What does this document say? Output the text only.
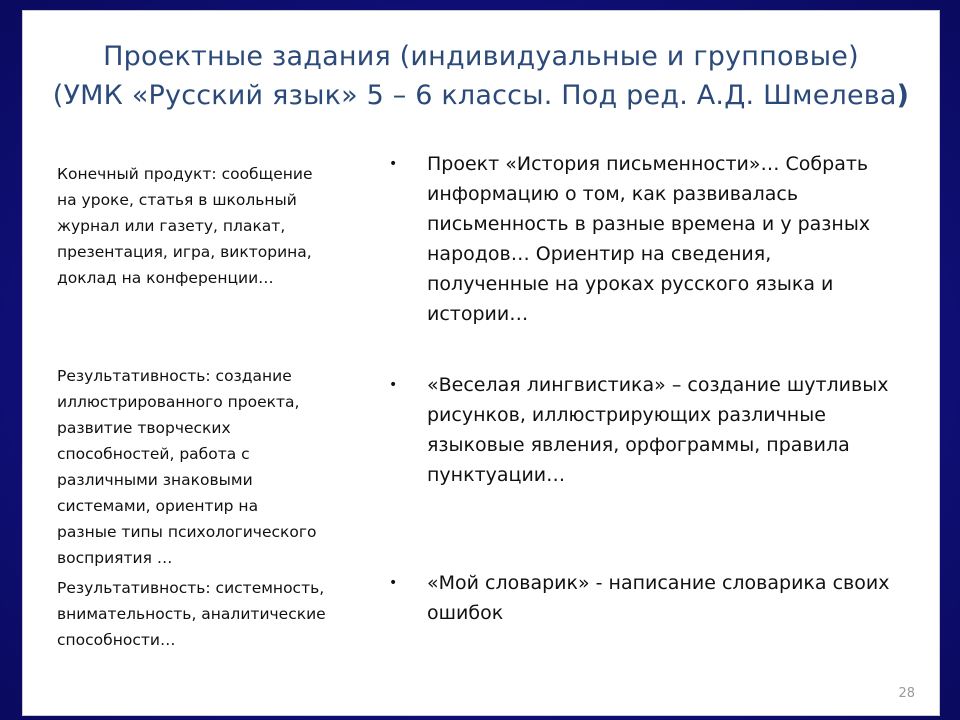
Проектные задания (индивидуальные и групповые)
(УМК «Русский язык» 5 – 6 классы. Под ред. А.Д. Шмелева)
Конечный продукт: сообщение
на уроке, статья в школьный
журнал или газету, плакат,
презентация, игра, викторина,
доклад на конференции…
Результативность: создание
иллюстрированного проекта,
развитие творческих
способностей, работа с
различными знаковыми
системами, ориентир на
разные типы психологического
восприятия …
Результативность: системность,
внимательность, аналитические
способности…
• Проект «История письменности»… Собрать
информацию о том, как развивалась
письменность в разные времена и у разных
народов… Ориентир на сведения,
полученные на уроках русского языка и
истории…
• «Веселая лингвистика» – создание шутливых
рисунков, иллюстрирующих различные
языковые явления, орфограммы, правила
пунктуации…
• «Мой словарик» - написание словарика своих
ошибок
28
